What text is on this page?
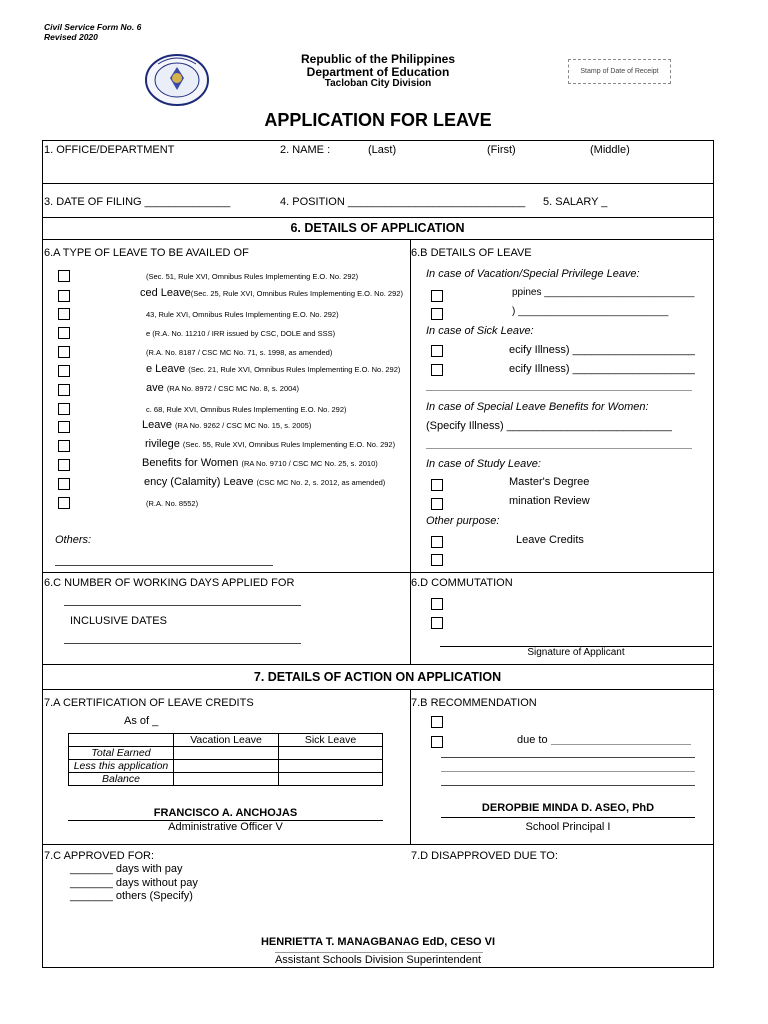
Civil Service Form No. 6
Revised 2020
Republic of the Philippines
Department of Education
Tacloban City Division
Stamp of Date of Receipt
APPLICATION FOR LEAVE
1. OFFICE/DEPARTMENT	2. NAME :	(Last)	(First)	(Middle)
3. DATE OF FILING ______________	4. POSITION _____________________________ 5. SALARY _
6. DETAILS OF APPLICATION
6.A TYPE OF LEAVE TO BE AVAILED OF
(Sec. 51, Rule XVI, Omnibus Rules Implementing E.O. No. 292)
ced Leave(Sec. 25, Rule XVI, Omnibus Rules Implementing E.O. No. 292)
43, Rule XVI, Omnibus Rules Implementing E.O. No. 292)
e (R.A. No. 11210 / IRR issued by CSC, DOLE and SSS)
(R.A. No. 8187 / CSC MC No. 71, s. 1998, as amended)
e Leave (Sec. 21, Rule XVI, Omnibus Rules Implementing E.O. No. 292)
ave (RA No. 8972 / CSC MC No. 8, s. 2004)
c. 68, Rule XVI, Omnibus Rules Implementing E.O. No. 292)
Leave (RA No. 9262 / CSC MC No. 15, s. 2005)
rivilege (Sec. 55, Rule XVI, Omnibus Rules Implementing E.O. No. 292)
Benefits for Women (RA No. 9710 / CSC MC No. 25, s. 2010)
ency (Calamity) Leave (CSC MC No. 2, s. 2012, as amended)
(R.A. No. 8552)
Others:
6.B DETAILS OF LEAVE
In case of Vacation/Special Privilege Leave:
ppines ___________________________
) ___________________________
In case of Sick Leave:
ecify Illness) ____________________
ecify Illness) ____________________
In case of Special Leave Benefits for Women:
(Specify Illness) ___________________________
In case of Study Leave:
Master's Degree
mination Review
Other purpose:
Leave Credits
6.C NUMBER OF WORKING DAYS APPLIED FOR
INCLUSIVE DATES
6.D COMMUTATION
Signature of Applicant
7. DETAILS OF ACTION ON APPLICATION
7.A CERTIFICATION OF LEAVE CREDITS
As of _
	Vacation Leave	Sick Leave
Total Earned		
Less this application		
Balance		
FRANCISCO A. ANCHOJAS
Administrative Officer V
7.B RECOMMENDATION
due to
DEROPBIE MINDA D. ASEO, PhD
School Principal I
7.C APPROVED FOR:
_______ days with pay
_______ days without pay
_______ others (Specify)
7.D DISAPPROVED DUE TO:
HENRIETTA T. MANAGBANAG EdD, CESO VI
Assistant Schools Division Superintendent
